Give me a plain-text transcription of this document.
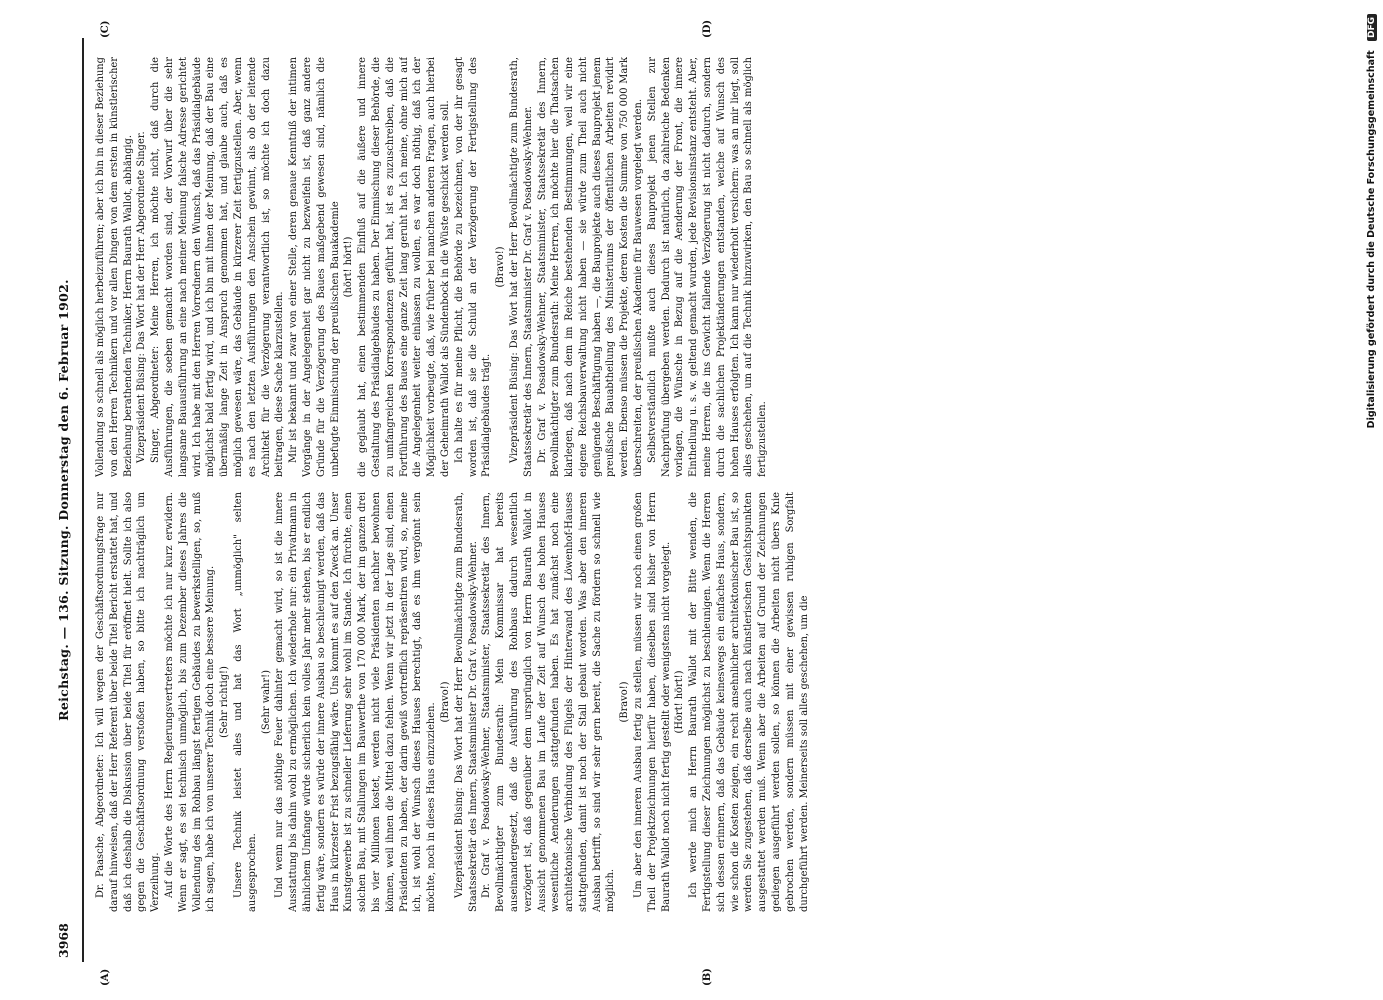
3968
Reichstag. — 136. Sitzung. Donnerstag den 6. Februar 1902.
(A)	(B)
(C)	(D)

Dr. Paasche, Abgeordneter: Ich will wegen der Geschäftsordnungsfrage nur darauf hinweisen, daß der Herr Referent über beide Titel Bericht erstattet hat, und daß ich deshalb die Diskussion über beide Titel für eröffnet hielt. Sollte ich also gegen die Geschäftsordnung verstoßen haben, so bitte ich nachträglich um Verzeihung. Auf die Worte des Herrn Regierungsvertreters möchte ich nur kurz erwidern. Wenn er sagt, es sei technisch unmöglich, bis zum Dezember dieses Jahres die Vollendung des im Rohbau längst fertigen Gebäudes zu bewerkstelligen, so, muß ich sagen, habe ich von unserer Technik doch eine bessere Meinung. (Sehr richtig!) Unsere Technik leistet alles und hat das Wort „unmöglich" selten ausgesprochen.

(Sehr wahr!) Und wenn nur das nöthige Feuer dahinter gemacht wird, so ist die innere Ausstattung bis dahin wohl zu ermöglichen. Ich wiederhole nur: ein Privatmann in ähnlichem Umfange würde sicherlich kein volles Jahr mehr stehen, bis er endlich fertig wäre, sondern es würde der innere Ausbau so beschleunigt werden, daß das Haus in kürzester Frist bezugsfähig wäre. Uns kommt es auf den Zweck an. Unser Kunstgewerbe ist zu schneller Lieferung sehr wohl im Stande. Ich fürchte, einen solchen Bau, mit Stallungen im Bauwerthe von 170 000 Mark, der im ganzen drei bis vier Millionen kostet, werden nicht viele Präsidenten nachher bewohnen können, weil ihnen die Mittel dazu fehlen. Wenn wir jetzt in der Lage sind, einen Präsidenten zu haben, der darin gewiß vortrefflich repräsentiren wird, so, meine ich, ist wohl der Wunsch dieses Hauses berechtigt, daß es ihm vergönnt sein möchte, noch in dieses Haus einzuziehen.

(Bravo!) Vizepräsident Büsing: Das Wort hat der Herr Bevollmächtigte zum Bundesrath, Staatssekretär des Innern, Staatsminister Dr. Graf v. Posadowsky-Wehner. Dr. Graf v. Posadowsky-Wehner, Staatsminister, Staatssekretär des Innern, Bevollmächtigter zum Bundesrath: Mein Kommissar hat bereits auseinandergesetzt, daß die Ausführung des Rohbaus dadurch wesentlich verzögert ist, daß gegenüber dem ursprünglich von Herrn Baurath Wallot in Aussicht genommenen Bau im Laufe der Zeit auf Wunsch des hohen Hauses wesentliche Aenderungen stattgefunden haben. Es hat zunächst noch eine architektonische Verbindung des Flügels der Hinterwand des Löwenhof-Hauses stattgefunden, damit ist noch der Stall gebaut worden. Was aber den inneren Ausbau betrifft, so sind wir sehr gern bereit, die Sache zu fördern so schnell wie möglich.

(Bravo!) Um aber den inneren Ausbau fertig zu stellen, müssen wir noch einen großen Theil der Projektzeichnungen hierfür haben, dieselben sind bisher von Herrn Baurath Wallot noch nicht fertig gestellt oder wenigstens nicht vorgelegt. (Hört! hört!) Ich werde mich an Herrn Baurath Wallot mit der Bitte wenden, die Fertigstellung dieser Zeichnungen möglichst zu beschleunigen. Wenn die Herren sich dessen erinnern, daß das Gebäude keineswegs ein einfaches Haus, sondern, wie schon die Kosten zeigen, ein recht ansehnlicher architektonischer Bau ist, so werden Sie zugestehen, daß derselbe auch nach künstlerischen Gesichtspunkten ausgestattet werden muß. Wenn aber die Arbeiten auf Grund der Zeichnungen gediegen ausgeführt werden sollen, so können die Arbeiten nicht übers Knie gebrochen werden, sondern müssen mit einer gewissen ruhigen Sorgfalt durchgeführt werden. Meinerseits soll alles geschehen, um die

Vollendung so schnell als möglich herbeizuführen; aber ich bin in dieser Beziehung von den Herren Technikern und vor allen Dingen von dem ersten in künstlerischer Beziehung berathenden Techniker, Herrn Baurath Wallot, abhängig. Vizepräsident Büsing: Das Wort hat der Herr Abgeordnete Singer. Singer, Abgeordneter: Meine Herren, ich möchte nicht, daß durch die Ausführungen, die soeben gemacht worden sind, der Vorwurf über die sehr langsame Bauausführung an eine nach meiner Meinung falsche Adresse gerichtet wird. Ich habe mit den Herren Vorrednern den Wunsch, daß das Präsidialgebäude möglichst bald fertig wird, und ich bin mit ihnen der Meinung, daß der Bau eine übermäßig lange Zeit in Anspruch genommen hat, und glaube auch, daß es möglich gewesen wäre, das Gebäude in kürzerer Zeit fertigzustellen. Aber, wenn es nach den letzten Ausführungen den Anschein gewinnt, als ob der leitende Architekt für die Verzögerung verantwortlich ist, so möchte ich doch dazu beitragen, diese Sache klarzustellen. Mir ist bekannt und zwar von einer Stelle, deren genaue Kenntniß der intimen Vorgänge in der Angelegenheit gar nicht zu bezweifeln ist, daß ganz andere Gründe für die Verzögerung des Baues maßgebend gewesen sind, nämlich die unbefugte Einmischung der preußischen Bauakademie (hört! hört!) die geglaubt hat, einen bestimmenden Einfluß auf die äußere und innere Gestaltung des Präsidialgebäudes zu haben. Der Einmischung dieser Behörde, die zu umfangreichen Korrespondenzen geführt hat, ist es zuzuschreiben, daß die Fortführung des Baues eine ganze Zeit lang geruht hat. Ich meine, ohne mich auf die Angelegenheit weiter einlassen zu wollen, es war doch nöthig, daß ich der Möglichkeit vorbeugte, daß, wie früher bei manchen anderen Fragen, auch hierbei der Geheimrath Wallot als Sündenbock in die Wüste geschickt werden soll. Ich halte es für meine Pflicht, die Behörde zu bezeichnen, von der ihr gesagt worden ist, daß sie die Schuld an der Verzögerung der Fertigstellung des Präsidialgebäudes trägt.

(Bravo!) Vizepräsident Büsing: Das Wort hat der Herr Bevollmächtigte zum Bundesrath, Staatssekretär des Innern, Staatsminister Dr. Graf v. Posadowsky-Wehner. Dr. Graf v. Posadowsky-Wehner, Staatsminister, Staatssekretär des Innern, Bevollmächtigter zum Bundesrath: Meine Herren, ich möchte hier die Thatsachen klarlegen, daß nach dem im Reiche bestehenden Bestimmungen, weil wir eine eigene Reichsbauverwaltung nicht haben — sie würde zum Theil auch nicht genügende Beschäftigung haben —, die Bauprojekte auch dieses Bauprojekt jenem preußische Bauabtheilung des Ministeriums der öffentlichen Arbeiten revidirt werden. Ebenso müssen die Projekte, deren Kosten die Summe von 750 000 Mark überschreiten, der preußischen Akademie für Bauwesen vorgelegt werden. Selbstverständlich mußte auch dieses Bauprojekt jenen Stellen zur Nachprüfung übergeben werden. Dadurch ist natürlich, da zahlreiche Bedenken vorlagen, die Wünsche in Bezug auf die Aenderung der Front, die innere Eintheilung u. s. w. geltend gemacht wurden, jede Revisionsinstanz entsteht. Aber, meine Herren, die ins Gewicht fallende Verzögerung ist nicht dadurch, sondern durch die sachlichen Projektänderungen entstanden, welche auf Wunsch des hohen Hauses erfolgten. Ich kann nur wiederholt versichern: was an mir liegt, soll alles geschehen, um auf die Technik hinzuwirken, den Bau so schnell als möglich fertigzustellen.

Digitalisierung gefördert durch die Deutsche Forschungsgemeinschaft DFG
